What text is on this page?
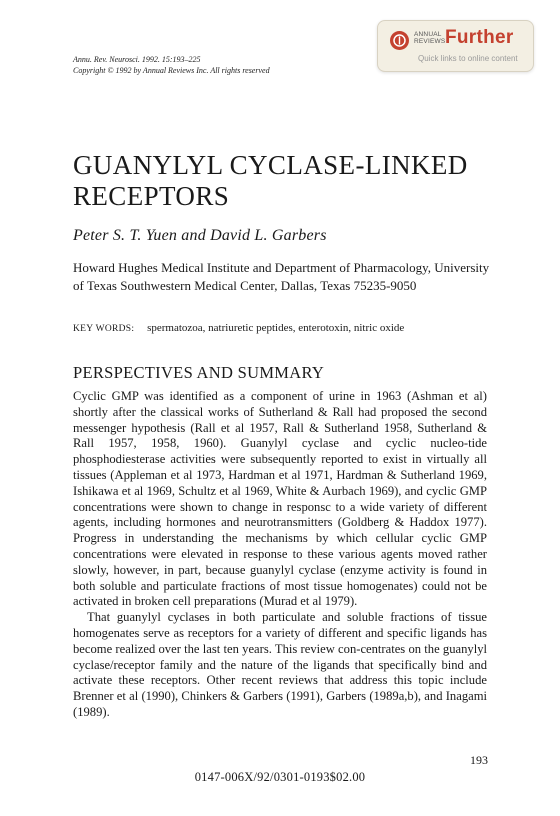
Annu. Rev. Neurosci. 1992. 15:193–225
Copyright © 1992 by Annual Reviews Inc. All rights reserved
ANNUAL
REVIEWS Further
Quick links to online content
GUANYLYL CYCLASE-LINKED RECEPTORS
Peter S. T. Yuen and David L. Garbers
Howard Hughes Medical Institute and Department of Pharmacology, University of Texas Southwestern Medical Center, Dallas, Texas 75235-9050
KEY WORDS: spermatozoa, natriuretic peptides, enterotoxin, nitric oxide
PERSPECTIVES AND SUMMARY

Cyclic GMP was identified as a component of urine in 1963 (Ashman et al) shortly after the classical works of Sutherland & Rall had proposed the second messenger hypothesis (Rall et al 1957, Rall & Sutherland 1958, Sutherland & Rall 1957, 1958, 1960). Guanylyl cyclase and cyclic nucleo-tide phosphodiesterase activities were subsequently reported to exist in virtually all tissues (Appleman et al 1973, Hardman et al 1971, Hardman & Sutherland 1969, Ishikawa et al 1969, Schultz et al 1969, White & Aurbach 1969), and cyclic GMP concentrations were shown to change in responsc to a wide variety of different agents, including hormones and neurotransmitters (Goldberg & Haddox 1977). Progress in understanding the mechanisms by which cellular cyclic GMP concentrations were elevated in response to these various agents moved rather slowly, however, in part, because guanylyl cyclase (enzyme activity is found in both soluble and particulate fractions of most tissue homogenates) could not be activated in broken cell preparations (Murad et al 1979).

That guanylyl cyclases in both particulate and soluble fractions of tissue homogenates serve as receptors for a variety of different and specific ligands has become realized over the last ten years. This review con-centrates on the guanylyl cyclase/receptor family and the nature of the ligands that specifically bind and activate these receptors. Other recent reviews that address this topic include Brenner et al (1990), Chinkers & Garbers (1991), Garbers (1989a,b), and Inagami (1989).

193
0147-006X/92/0301-0193$02.00
